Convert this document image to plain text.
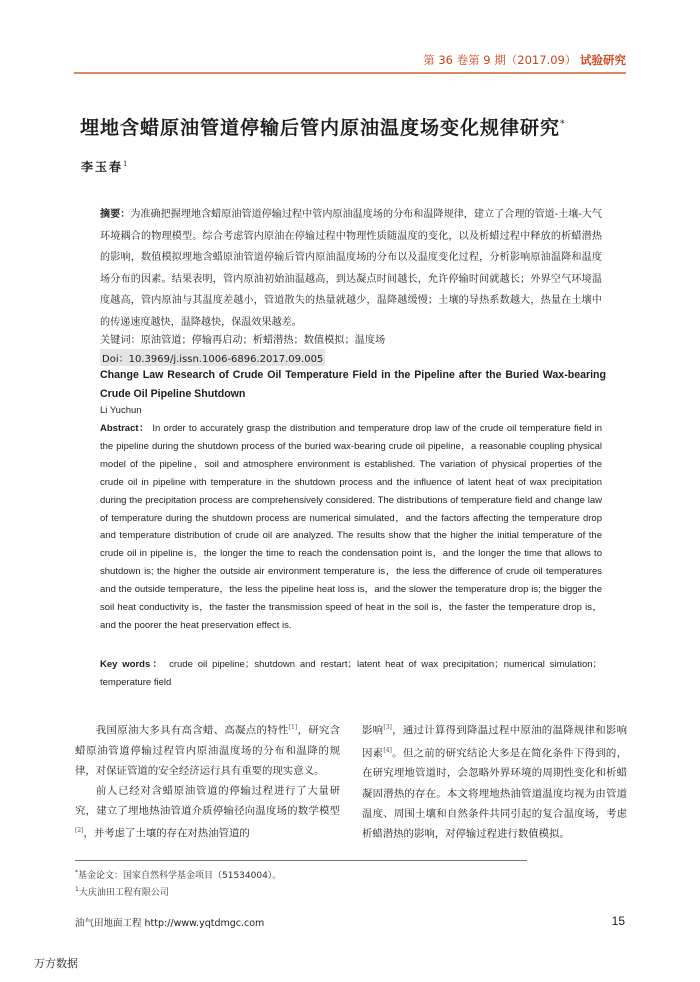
第 36 卷第 9 期（2017.09） 试验研究
埋地含蜡原油管道停输后管内原油温度场变化规律研究*
李玉春$^1$
摘要：为准确把握埋地含蜡原油管道停输过程中管内原油温度场的分布和温降规律，建立了合理的管道-土壤-大气环境耦合的物理模型。综合考虑管内原油在停输过程中物理性质随温度的变化，以及析蜡过程中释放的析蜡潜热的影响，数值模拟埋地含蜡原油管道停输后管内原油温度场的分布以及温度变化过程，分析影响原油温降和温度场分布的因素。结果表明，管内原油初始油温越高，到达凝点时间越长，允许停输时间就越长；外界空气环境温度越高，管内原油与其温度差越小，管道散失的热量就越少，温降越缓慢；土壤的导热系数越大，热量在土壤中的传递速度越快，温降越快，保温效果越差。
关键词：原油管道；停输再启动；析蜡潜热；数值模拟；温度场
Doi：10.3969/j.issn.1006-6896.2017.09.005
Change Law Research of Crude Oil Temperature Field in the Pipeline after the Buried Wax-bearing Crude Oil Pipeline Shutdown
Li Yuchun
Abstract： In order to accurately grasp the distribution and temperature drop law of the crude oil temperature field in the pipeline during the shutdown process of the buried wax-bearing crude oil pipeline，a reasonable coupling physical model of the pipeline，soil and atmosphere environment is established. The variation of physical properties of the crude oil in pipeline with temperature in the shutdown process and the influence of latent heat of wax precipitation during the precipitation process are comprehensively considered. The distributions of temperature field and change law of temperature during the shutdown process are numerical simulated，and the factors affecting the temperature drop and temperature distribution of crude oil are analyzed. The results show that the higher the initial temperature of the crude oil in pipeline is，the longer the time to reach the condensation point is，and the longer the time that allows to shutdown is; the higher the outside air environment temperature is，the less the difference of crude oil temperatures and the outside temperature，the less the pipeline heat loss is，and the slower the temperature drop is; the bigger the soil heat conductivity is，the faster the transmission speed of heat in the soil is，the faster the temperature drop is，and the poorer the heat preservation effect is.
Key words： crude oil pipeline；shutdown and restart；latent heat of wax precipitation；numerical simulation；temperature field

我国原油大多具有高含蜡、高凝点的特性[1]，研究含蜡原油管道停输过程管内原油温度场的分布和温降的规律，对保证管道的安全经济运行具有重要的现实意义。

前人已经对含蜡原油管道的停输过程进行了大量研究，建立了埋地热油管道介质停输径向温度场的数学模型[2]，并考虑了土壤的存在对热油管道的

影响[3]，通过计算得到降温过程中原油的温降规律和影响因素[4]。但之前的研究结论大多是在简化条件下得到的，在研究埋地管道时，会忽略外界环境的周期性变化和析蜡凝固潜热的存在。本文将埋地热油管道温度均视为由管道温度、周围土壤和自然条件共同引起的复合温度场，考虑析蜡潜热的影响，对停输过程进行数值模拟。

*基金论文：国家自然科学基金项目（51534004）。
$^1$大庆油田工程有限公司
油气田地面工程 http://www.yqtdmgc.com	15
万方数据
